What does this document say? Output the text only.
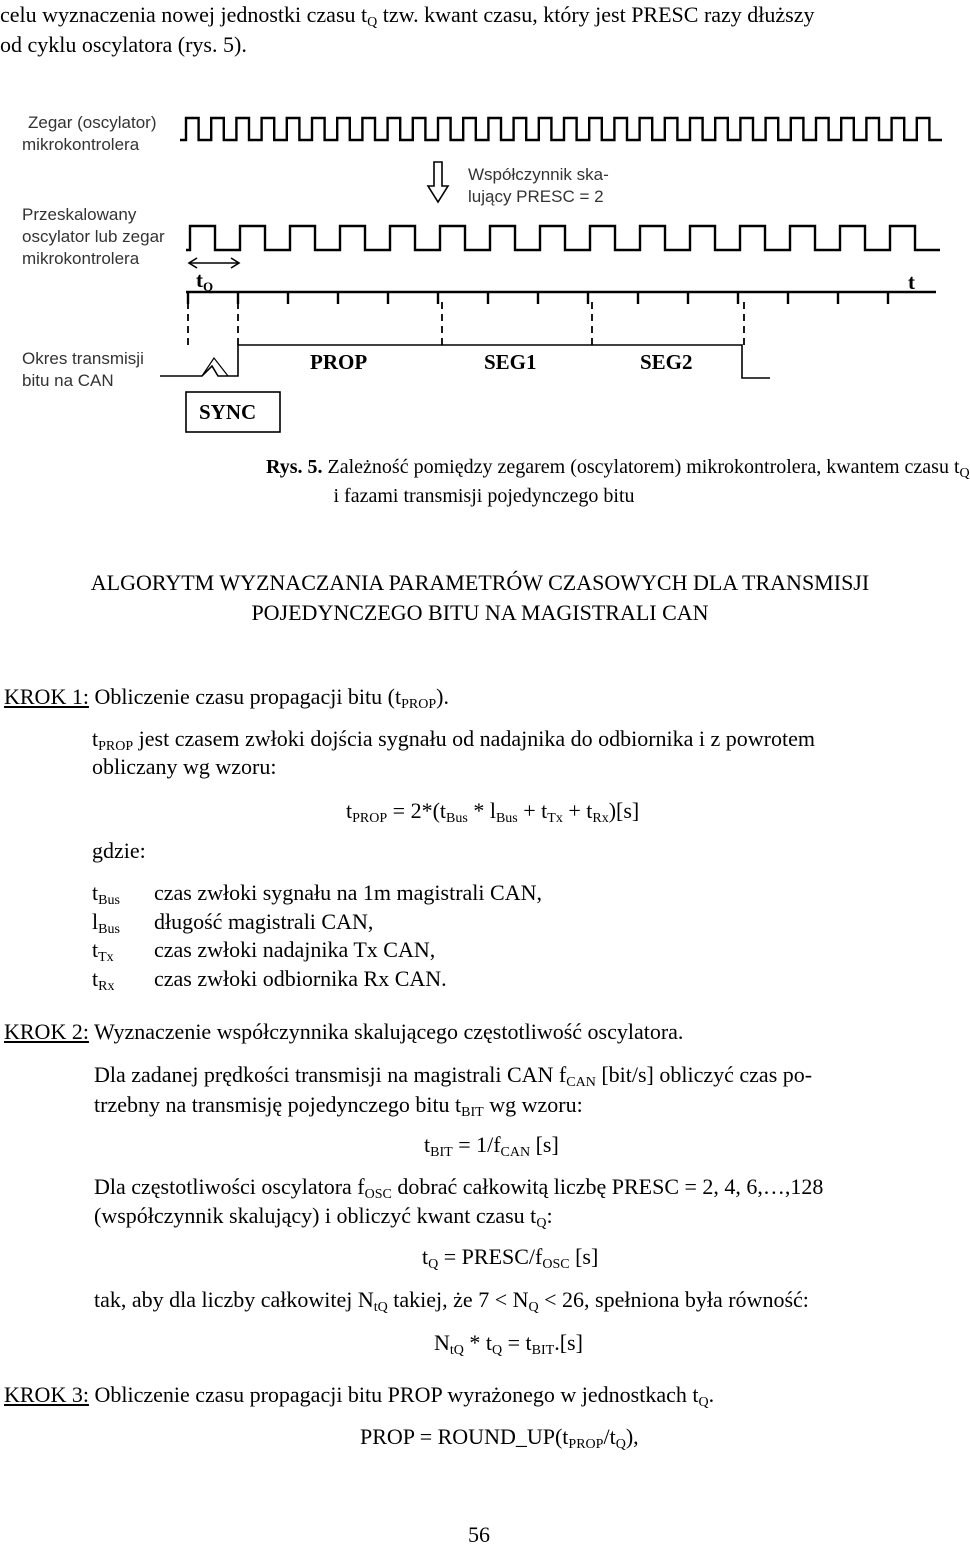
celu wyznaczenia nowej jednostki czasu $t_Q$ tzw. kwant czasu, który jest PRESC razy dłuższy
od cyklu oscylatora (rys. 5).
Zegar (oscylator)
mikrokontrolera
Przeskalowany
oscylator lub zegar
mikrokontrolera
Współczynnik ska-
lujący PRESC = 2
$t_Q$	t
Okres transmisji
bitu na CAN
PROP	SEG1	SEG2
SYNC
Rys. 5. Zależność pomiędzy zegarem (oscylatorem) mikrokontrolera, kwantem czasu $t_Q$
i fazami transmisji pojedynczego bitu
ALGORYTM WYZNACZANIA PARAMETRÓW CZASOWYCH DLA TRANSMISJI
POJEDYNCZEGO BITU NA MAGISTRALI CAN
KROK 1: Obliczenie czasu propagacji bitu $(t_{PROP})$.
$t_{PROP}$ jest czasem zwłoki dojścia sygnału od nadajnika do odbiornika i z powrotem
obliczany wg wzoru:
$t_{PROP} = 2*(t_{Bus} * l_{Bus} + t_{Tx} + t_{Rx})[s]$
gdzie:
$t_{Bus}$ czas zwłoki sygnału na 1m magistrali CAN,
$l_{Bus}$ długość magistrali CAN,
$t_{Tx}$ czas zwłoki nadajnika Tx CAN,
$t_{Rx}$ czas zwłoki odbiornika Rx CAN.
KROK 2: Wyznaczenie współczynnika skalującego częstotliwość oscylatora.
Dla zadanej prędkości transmisji na magistrali CAN $f_{CAN}$ [bit/s] obliczyć czas po-
trzebny na transmisję pojedynczego bitu $t_{BIT}$ wg wzoru:
$t_{BIT} = 1/f_{CAN}$ [s]
Dla częstotliwości oscylatora $f_{OSC}$ dobrać całkowitą liczbę PRESC = 2, 4, 6,…,128
(współczynnik skalujący) i obliczyć kwant czasu $t_Q$:
$t_Q$ = PRESC/$f_{OSC}$ [s]
tak, aby dla liczby całkowitej $N_{tQ}$ takiej, że $7 < N_Q < 26$, spełniona była równość:
$N_{tQ} * t_Q = t_{BIT}.[s]$
KROK 3: Obliczenie czasu propagacji bitu PROP wyrażonego w jednostkach $t_Q$.
PROP = $ROUND\_UP(t_{PROP}/t_Q)$,
56
